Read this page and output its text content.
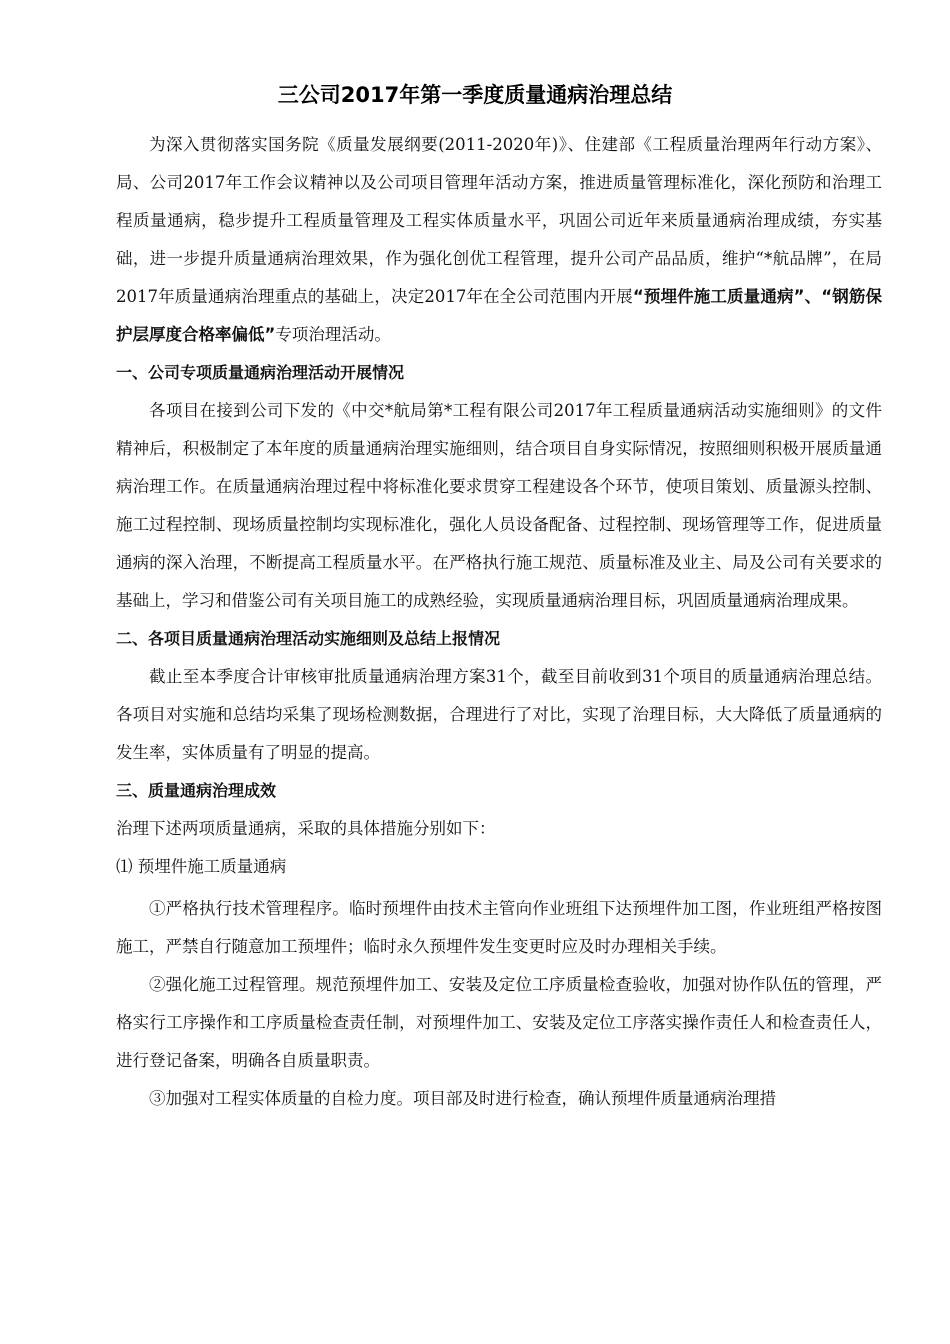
三公司2017年第一季度质量通病治理总结

为深入贯彻落实国务院《质量发展纲要(2011-2020年)》、住建部《工程质量治理两年行动方案》、局、公司2017年工作会议精神以及公司项目管理年活动方案，推进质量管理标准化，深化预防和治理工程质量通病，稳步提升工程质量管理及工程实体质量水平，巩固公司近年来质量通病治理成绩，夯实基础，进一步提升质量通病治理效果，作为强化创优工程管理，提升公司产品品质，维护“*航品牌”，在局2017年质量通病治理重点的基础上，决定2017年在全公司范围内开展“预埋件施工质量通病”、“钢筋保护层厚度合格率偏低”专项治理活动。

一、公司专项质量通病治理活动开展情况

各项目在接到公司下发的《中交*航局第*工程有限公司2017年工程质量通病活动实施细则》的文件精神后，积极制定了本年度的质量通病治理实施细则，结合项目自身实际情况，按照细则积极开展质量通病治理工作。在质量通病治理过程中将标准化要求贯穿工程建设各个环节，使项目策划、质量源头控制、施工过程控制、现场质量控制均实现标准化，强化人员设备配备、过程控制、现场管理等工作，促进质量通病的深入治理，不断提高工程质量水平。在严格执行施工规范、质量标准及业主、局及公司有关要求的基础上，学习和借鉴公司有关项目施工的成熟经验，实现质量通病治理目标，巩固质量通病治理成果。

二、各项目质量通病治理活动实施细则及总结上报情况

截止至本季度合计审核审批质量通病治理方案31个，截至目前收到31个项目的质量通病治理总结。各项目对实施和总结均采集了现场检测数据，合理进行了对比，实现了治理目标，大大降低了质量通病的发生率，实体质量有了明显的提高。

三、质量通病治理成效

治理下述两项质量通病，采取的具体措施分别如下：

⑴ 预埋件施工质量通病

①严格执行技术管理程序。临时预埋件由技术主管向作业班组下达预埋件加工图，作业班组严格按图施工，严禁自行随意加工预埋件；临时永久预埋件发生变更时应及时办理相关手续。

②强化施工过程管理。规范预埋件加工、安装及定位工序质量检查验收，加强对协作队伍的管理，严格实行工序操作和工序质量检查责任制，对预埋件加工、安装及定位工序落实操作责任人和检查责任人，进行登记备案，明确各自质量职责。

③加强对工程实体质量的自检力度。项目部及时进行检查，确认预埋件质量通病治理措
